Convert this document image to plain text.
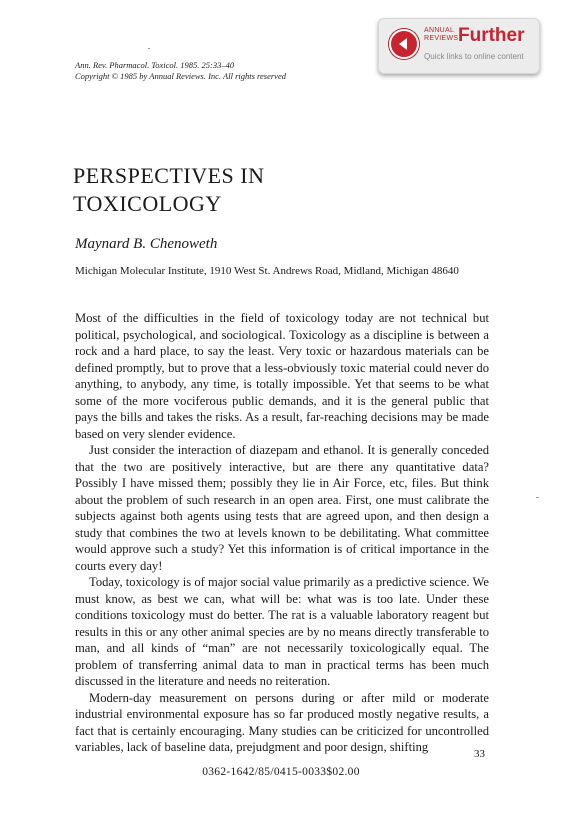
Ann. Rev. Pharmacol. Toxicol. 1985. 25:33–40
Copyright © 1985 by Annual Reviews. Inc. All rights reserved
ANNUAL
REVIEWS Further
Quick links to online content
PERSPECTIVES IN
TOXICOLOGY
Maynard B. Chenoweth
Michigan Molecular Institute, 1910 West St. Andrews Road, Midland, Michigan 48640

Most of the difficulties in the field of toxicology today are not technical but political, psychological, and sociological. Toxicology as a discipline is between a rock and a hard place, to say the least. Very toxic or hazardous materials can be defined promptly, but to prove that a less-obviously toxic material could never do anything, to anybody, any time, is totally impossible. Yet that seems to be what some of the more vociferous public demands, and it is the general public that pays the bills and takes the risks. As a result, far-reaching decisions may be made based on very slender evidence.

Just consider the interaction of diazepam and ethanol. It is generally conceded that the two are positively interactive, but are there any quantitative data? Possibly I have missed them; possibly they lie in Air Force, etc, files. But think about the problem of such research in an open area. First, one must calibrate the subjects against both agents using tests that are agreed upon, and then design a study that combines the two at levels known to be debilitating. What committee would approve such a study? Yet this information is of critical importance in the courts every day!

Today, toxicology is of major social value primarily as a predictive science. We must know, as best we can, what will be: what was is too late. Under these conditions toxicology must do better. The rat is a valuable laboratory reagent but results in this or any other animal species are by no means directly transferable to man, and all kinds of “man” are not necessarily toxicologically equal. The problem of transferring animal data to man in practical terms has been much discussed in the literature and needs no reiteration.

Modern-day measurement on persons during or after mild or moderate industrial environmental exposure has so far produced mostly negative results, a fact that is certainly encouraging. Many studies can be criticized for uncontrolled variables, lack of baseline data, prejudgment and poor design, shifting	33
0362-1642/85/0415-0033$02.00
